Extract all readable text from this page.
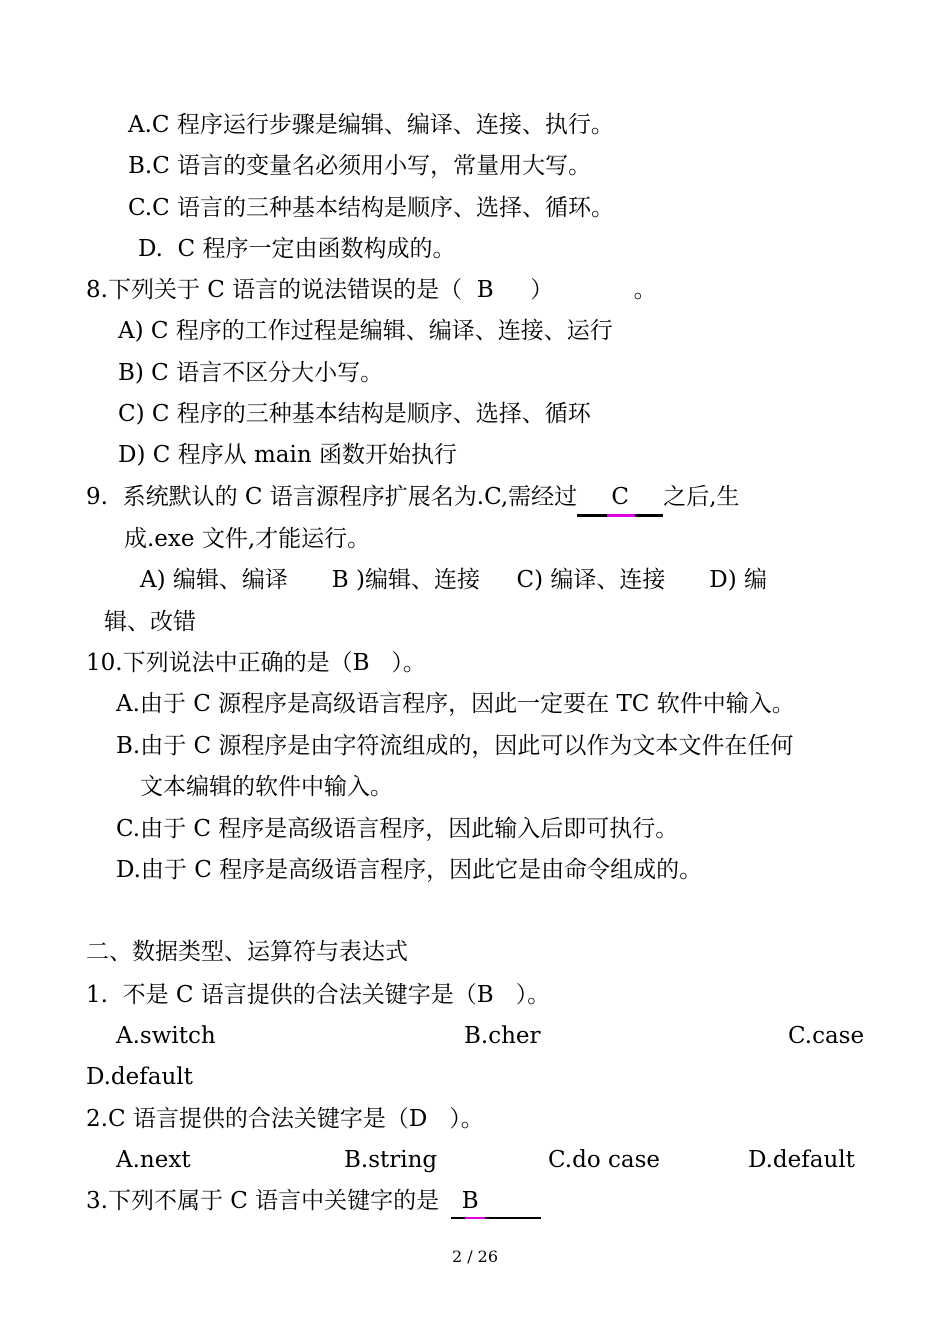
A.C 程序运行步骤是编辑、编译、连接、执行。
B.C 语言的变量名必须用小写，常量用大写。
C.C 语言的三种基本结构是顺序、选择、循环。
D.  C 程序一定由函数构成的。
8.下列关于 C 语言的说法错误的是（  B     ）           。
A) C 程序的工作过程是编辑、编译、连接、运行
B) C 语言不区分大小写。
C) C 程序的三种基本结构是顺序、选择、循环
D) C 程序从 main 函数开始执行
9.  系统默认的 C 语言源程序扩展名为.C,需经过 C 之后,生
成.exe 文件,才能运行。
A) 编辑、编译      B )编辑、连接     C) 编译、连接      D) 编
辑、改错
10.下列说法中正确的是（B   ）。
A.由于 C 源程序是高级语言程序，因此一定要在 TC 软件中输入。
B.由于 C 源程序是由字符流组成的，因此可以作为文本文件在任何
文本编辑的软件中输入。
C.由于 C 程序是高级语言程序，因此输入后即可执行。
D.由于 C 程序是高级语言程序，因此它是由命令组成的。
二、数据类型、运算符与表达式
1.  不是 C 语言提供的合法关键字是（B   ）。
A.switch	B.cher	C.case
D.default
2.C 语言提供的合法关键字是（D   ）。
A.next	B.string	C.do case	D.default
3.下列不属于 C 语言中关键字的是 B
2 / 26
